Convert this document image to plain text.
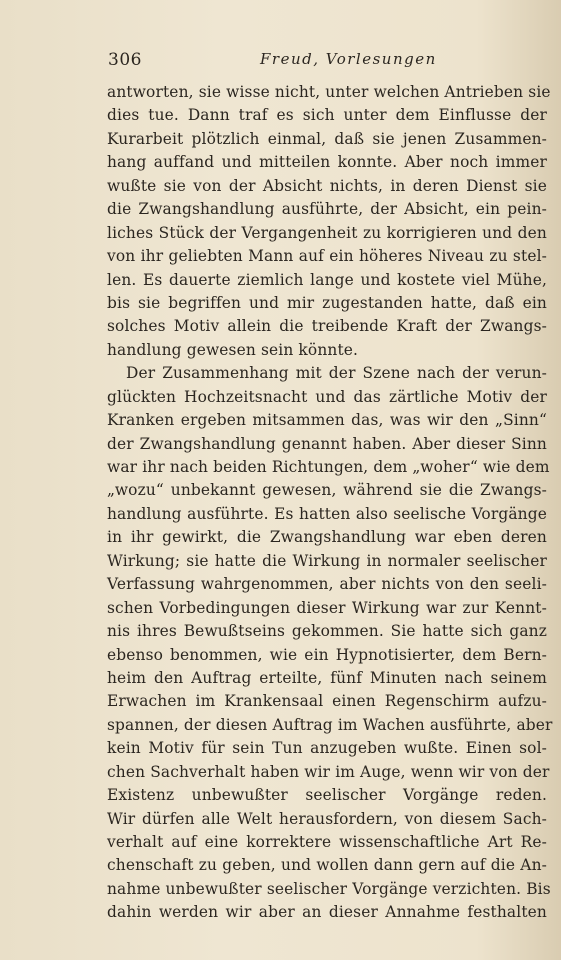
306	Freud, Vorlesungen
antworten, sie wisse nicht, unter welchen Antrieben sie
dies tue. Dann traf es sich unter dem Einflusse der
Kurarbeit plötzlich einmal, daß sie jenen Zusammen-
hang auffand und mitteilen konnte. Aber noch immer
wußte sie von der Absicht nichts, in deren Dienst sie
die Zwangshandlung ausführte, der Absicht, ein pein-
liches Stück der Vergangenheit zu korrigieren und den
von ihr geliebten Mann auf ein höheres Niveau zu stel-
len. Es dauerte ziemlich lange und kostete viel Mühe,
bis sie begriffen und mir zugestanden hatte, daß ein
solches Motiv allein die treibende Kraft der Zwangs-
handlung gewesen sein könnte.
Der Zusammenhang mit der Szene nach der verun-
glückten Hochzeitsnacht und das zärtliche Motiv der
Kranken ergeben mitsammen das, was wir den „Sinn“
der Zwangshandlung genannt haben. Aber dieser Sinn
war ihr nach beiden Richtungen, dem „woher“ wie dem
„wozu“ unbekannt gewesen, während sie die Zwangs-
handlung ausführte. Es hatten also seelische Vorgänge
in ihr gewirkt, die Zwangshandlung war eben deren
Wirkung; sie hatte die Wirkung in normaler seelischer
Verfassung wahrgenommen, aber nichts von den seeli-
schen Vorbedingungen dieser Wirkung war zur Kennt-
nis ihres Bewußtseins gekommen. Sie hatte sich ganz
ebenso benommen, wie ein Hypnotisierter, dem Bern-
heim den Auftrag erteilte, fünf Minuten nach seinem
Erwachen im Krankensaal einen Regenschirm aufzu-
spannen, der diesen Auftrag im Wachen ausführte, aber
kein Motiv für sein Tun anzugeben wußte. Einen sol-
chen Sachverhalt haben wir im Auge, wenn wir von der
Existenz unbewußter seelischer Vorgänge reden.
Wir dürfen alle Welt herausfordern, von diesem Sach-
verhalt auf eine korrektere wissenschaftliche Art Re-
chenschaft zu geben, und wollen dann gern auf die An-
nahme unbewußter seelischer Vorgänge verzichten. Bis
dahin werden wir aber an dieser Annahme festhalten
